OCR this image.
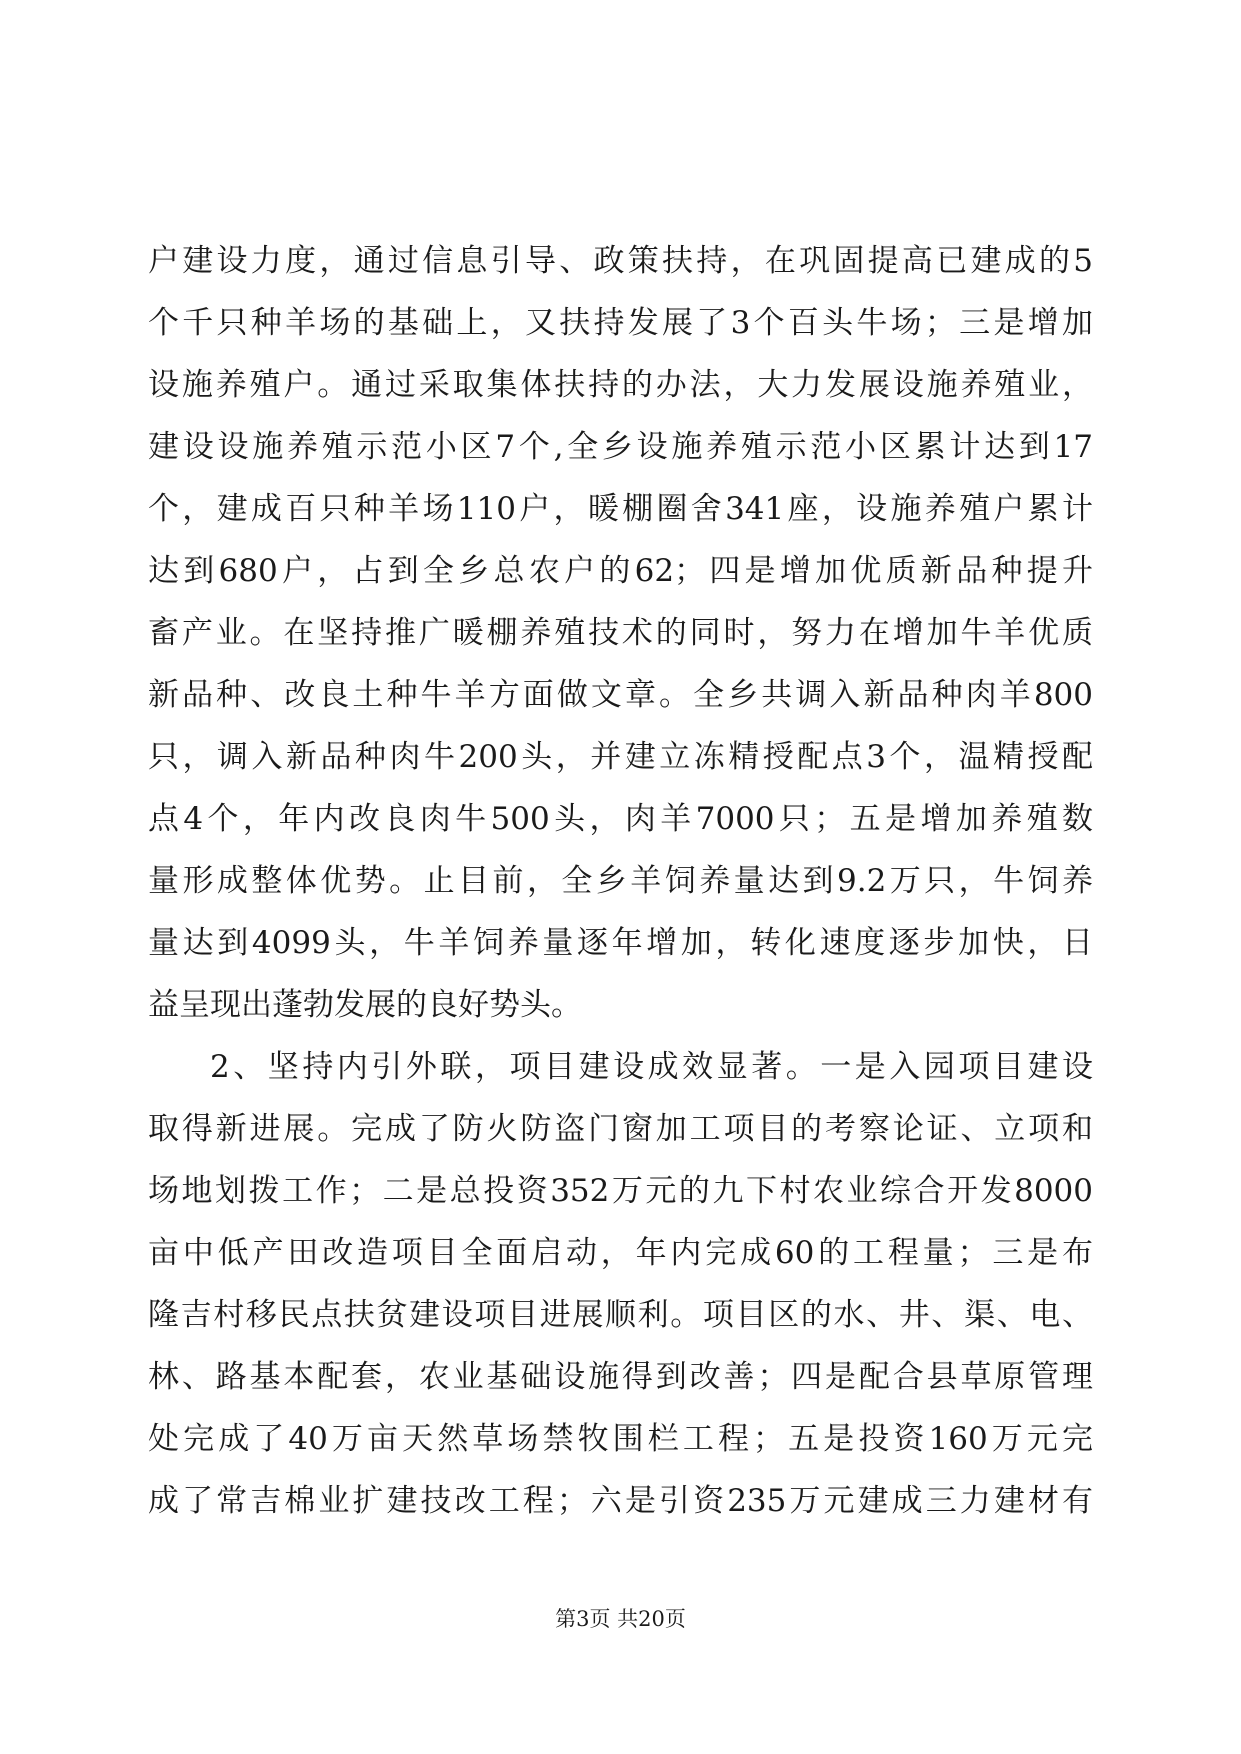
户建设力度，通过信息引导、政策扶持，在巩固提高已建成的5
个千只种羊场的基础上，又扶持发展了3个百头牛场；三是增加
设施养殖户。通过采取集体扶持的办法，大力发展设施养殖业，
建设设施养殖示范小区7个,全乡设施养殖示范小区累计达到17
个，建成百只种羊场110户，暖棚圈舍341座，设施养殖户累计
达到680户，占到全乡总农户的62；四是增加优质新品种提升
畜产业。在坚持推广暖棚养殖技术的同时，努力在增加牛羊优质
新品种、改良土种牛羊方面做文章。全乡共调入新品种肉羊800
只，调入新品种肉牛200头，并建立冻精授配点3个，温精授配
点4个，年内改良肉牛500头，肉羊7000只；五是增加养殖数
量形成整体优势。止目前，全乡羊饲养量达到9.2万只，牛饲养
量达到4099头，牛羊饲养量逐年增加，转化速度逐步加快，日
益呈现出蓬勃发展的良好势头。
2、坚持内引外联，项目建设成效显著。一是入园项目建设
取得新进展。完成了防火防盗门窗加工项目的考察论证、立项和
场地划拨工作；二是总投资352万元的九下村农业综合开发8000
亩中低产田改造项目全面启动，年内完成60的工程量；三是布
隆吉村移民点扶贫建设项目进展顺利。项目区的水、井、渠、电、
林、路基本配套，农业基础设施得到改善；四是配合县草原管理
处完成了40万亩天然草场禁牧围栏工程；五是投资160万元完
成了常吉棉业扩建技改工程；六是引资235万元建成三力建材有
第3页 共20页
